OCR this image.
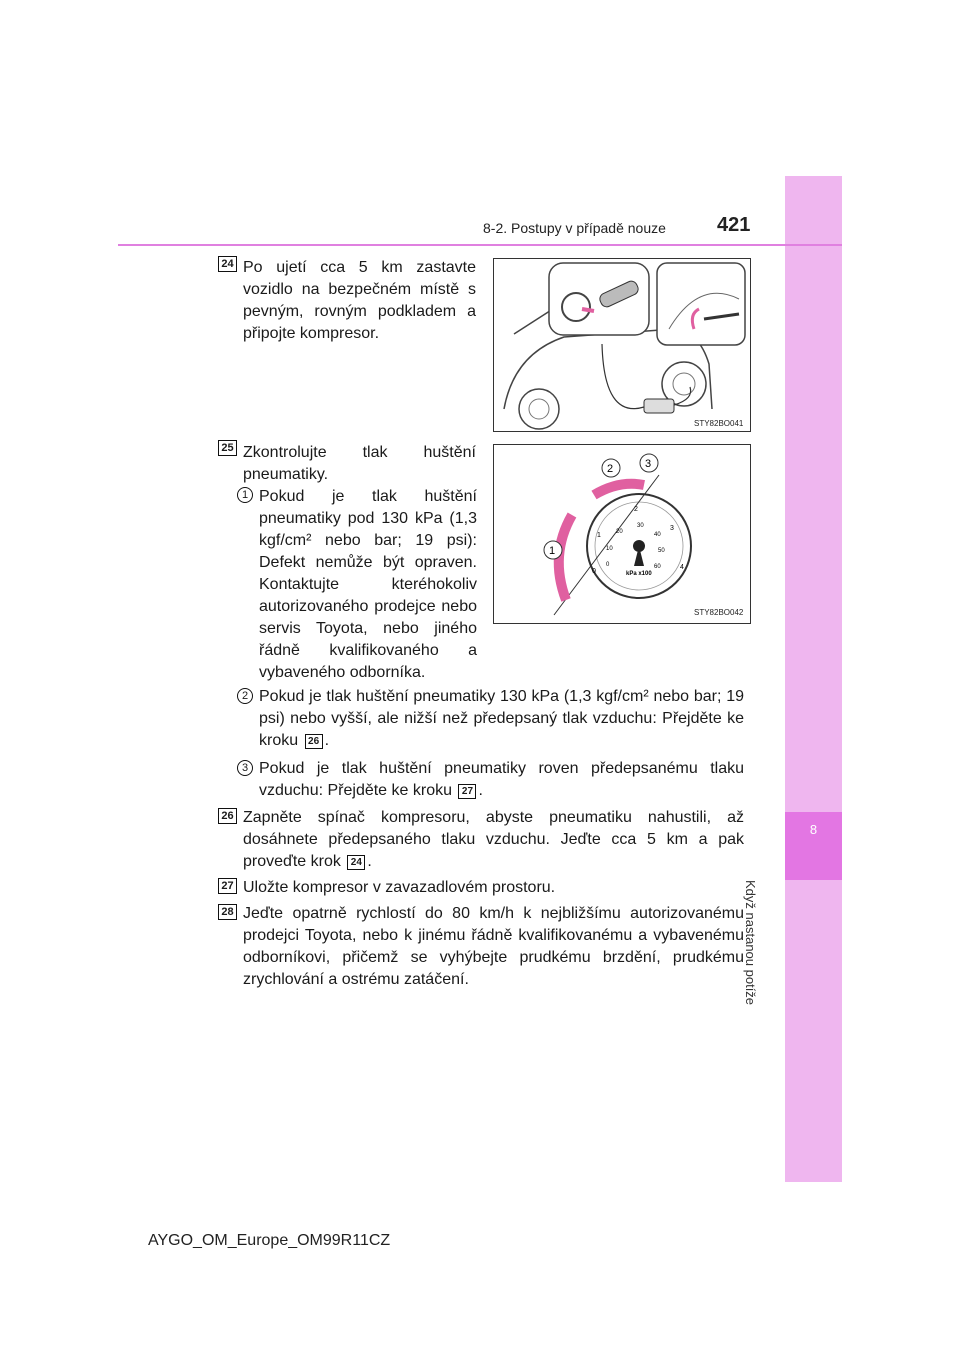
8
Když nastanou potíže
8-2. Postupy v případě nouze	421
24 Po ujetí cca 5 km zastavte vozidlo na bezpečném místě s pevným, rovným podkladem a připojte kompresor.
STY82BO041
25 Zkontrolujte tlak huštění pneumatiky.
1 Pokud je tlak huštění pneumatiky pod 130 kPa (1,3 kgf/cm² nebo bar; 19 psi): Defekt nemůže být opraven. Kontaktujte kteréhokoliv autorizovaného prodejce nebo servis Toyota, nebo jiného řádně kvalifikovaného a vybaveného odborníka.
0
1
2
3
4
0
10
20
30
40
50
60
kPa x100
1
2	3
STY82BO042
2 Pokud je tlak huštění pneumatiky 130 kPa (1,3 kgf/cm² nebo bar; 19 psi) nebo vyšší, ale nižší než předepsaný tlak vzduchu: Přejděte ke kroku 26 .
3 Pokud je tlak huštění pneumatiky roven předepsanému tlaku vzduchu: Přejděte ke kroku 27 .
26 Zapněte spínač kompresoru, abyste pneumatiku nahustili, až dosáhnete předepsaného tlaku vzduchu. Jeďte cca 5 km a pak proveďte krok 24 .
27 Uložte kompresor v zavazadlovém prostoru.
28 Jeďte opatrně rychlostí do 80 km/h k nejbližšímu autorizovanému prodejci Toyota, nebo k jinému řádně kvalifikovanému a vybavenému odborníkovi, přičemž se vyhýbejte prudkému brzdění, prudkému zrychlování a ostrému zatáčení.
AYGO_OM_Europe_OM99R11CZ
